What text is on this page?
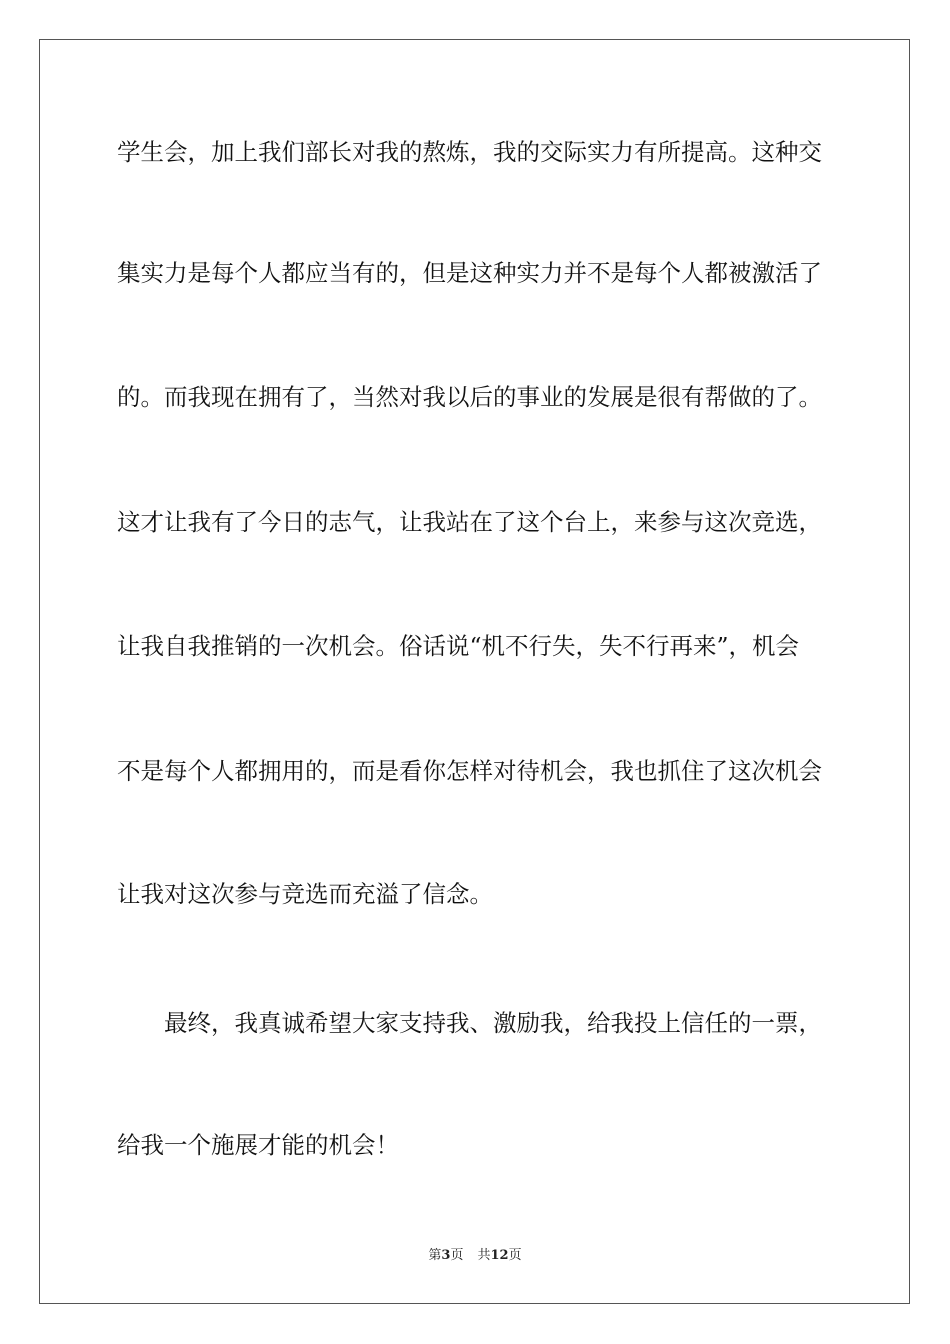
学生会，加上我们部长对我的熬炼，我的交际实力有所提高。这种交
集实力是每个人都应当有的，但是这种实力并不是每个人都被激活了
的。而我现在拥有了，当然对我以后的事业的发展是很有帮做的了。
这才让我有了今日的志气，让我站在了这个台上，来参与这次竞选，
让我自我推销的一次机会。俗话说“机不行失，失不行再来”，机会
不是每个人都拥用的，而是看你怎样对待机会，我也抓住了这次机会
让我对这次参与竞选而充溢了信念。
最终，我真诚希望大家支持我、激励我，给我投上信任的一票，
给我一个施展才能的机会！
第3页 共12页
